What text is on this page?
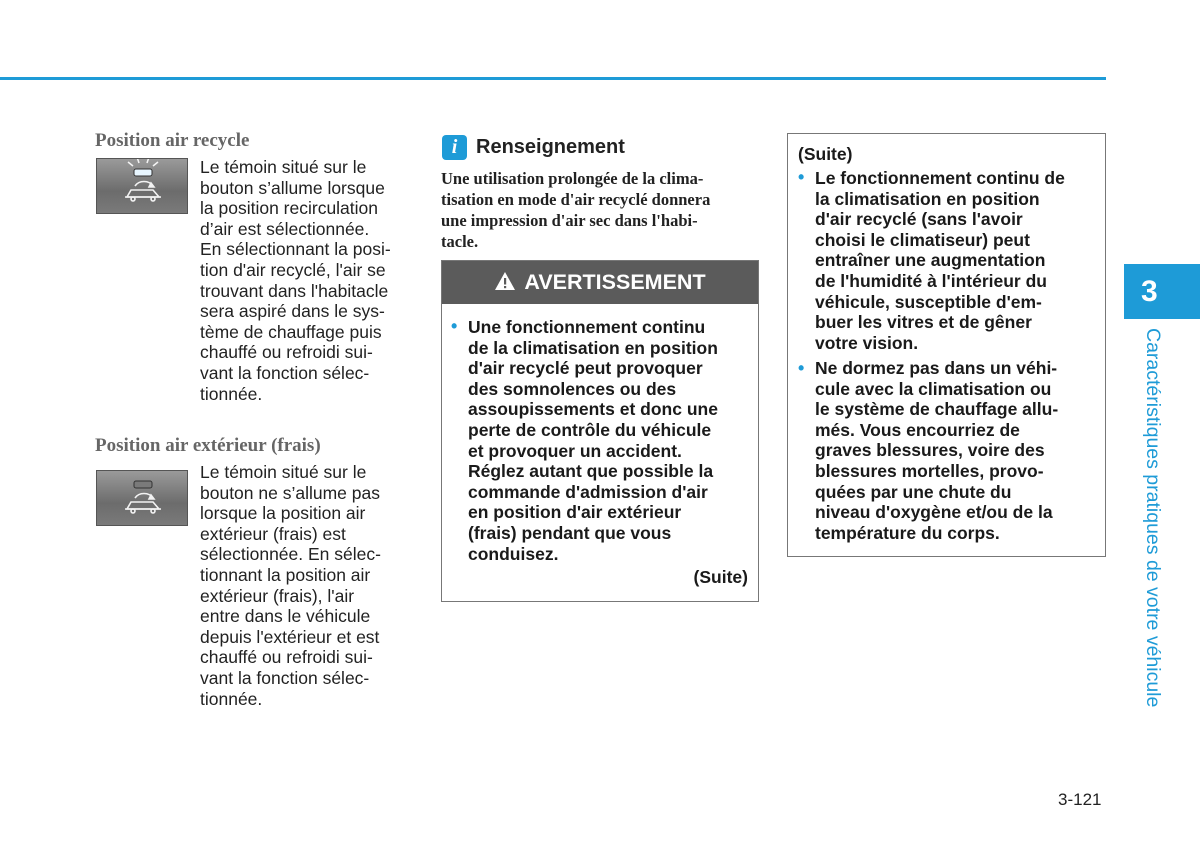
Position air recycle
Le témoin situé sur le
bouton s’allume lorsque
la position recirculation
d’air est sélectionnée.
En sélectionnant la posi-
tion d'air recyclé, l'air se
trouvant dans l'habitacle
sera aspiré dans le sys-
tème de chauffage puis
chauffé ou refroidi sui-
vant la fonction sélec-
tionnée.
Position air extérieur (frais)
Le témoin situé sur le
bouton ne s’allume pas
lorsque la position air
extérieur (frais) est
sélectionnée. En sélec-
tionnant la position air
extérieur (frais), l'air
entre dans le véhicule
depuis l'extérieur et est
chauffé ou refroidi sui-
vant la fonction sélec-
tionnée.
i Renseignement
Une utilisation prolongée de la clima-
tisation en mode d'air recyclé donnera
une impression d'air sec dans l'habi-
tacle.
AVERTISSEMENT
• Une fonctionnement continu
de la climatisation en position
d'air recyclé peut provoquer
des somnolences ou des
assoupissements et donc une
perte de contrôle du véhicule
et provoquer un accident.
Réglez autant que possible la
commande d'admission d'air
en position d'air extérieur
(frais) pendant que vous
conduisez.
(Suite)
(Suite)
• Le fonctionnement continu de
la climatisation en position
d'air recyclé (sans l'avoir
choisi le climatiseur) peut
entraîner une augmentation
de l'humidité à l'intérieur du
véhicule, susceptible d'em-
buer les vitres et de gêner
votre vision.
• Ne dormez pas dans un véhi-
cule avec la climatisation ou
le système de chauffage allu-
més. Vous encourriez de
graves blessures, voire des
blessures mortelles, provo-
quées par une chute du
niveau d'oxygène et/ou de la
température du corps.
3
Caractéristiques pratiques de votre véhicule
3-121
